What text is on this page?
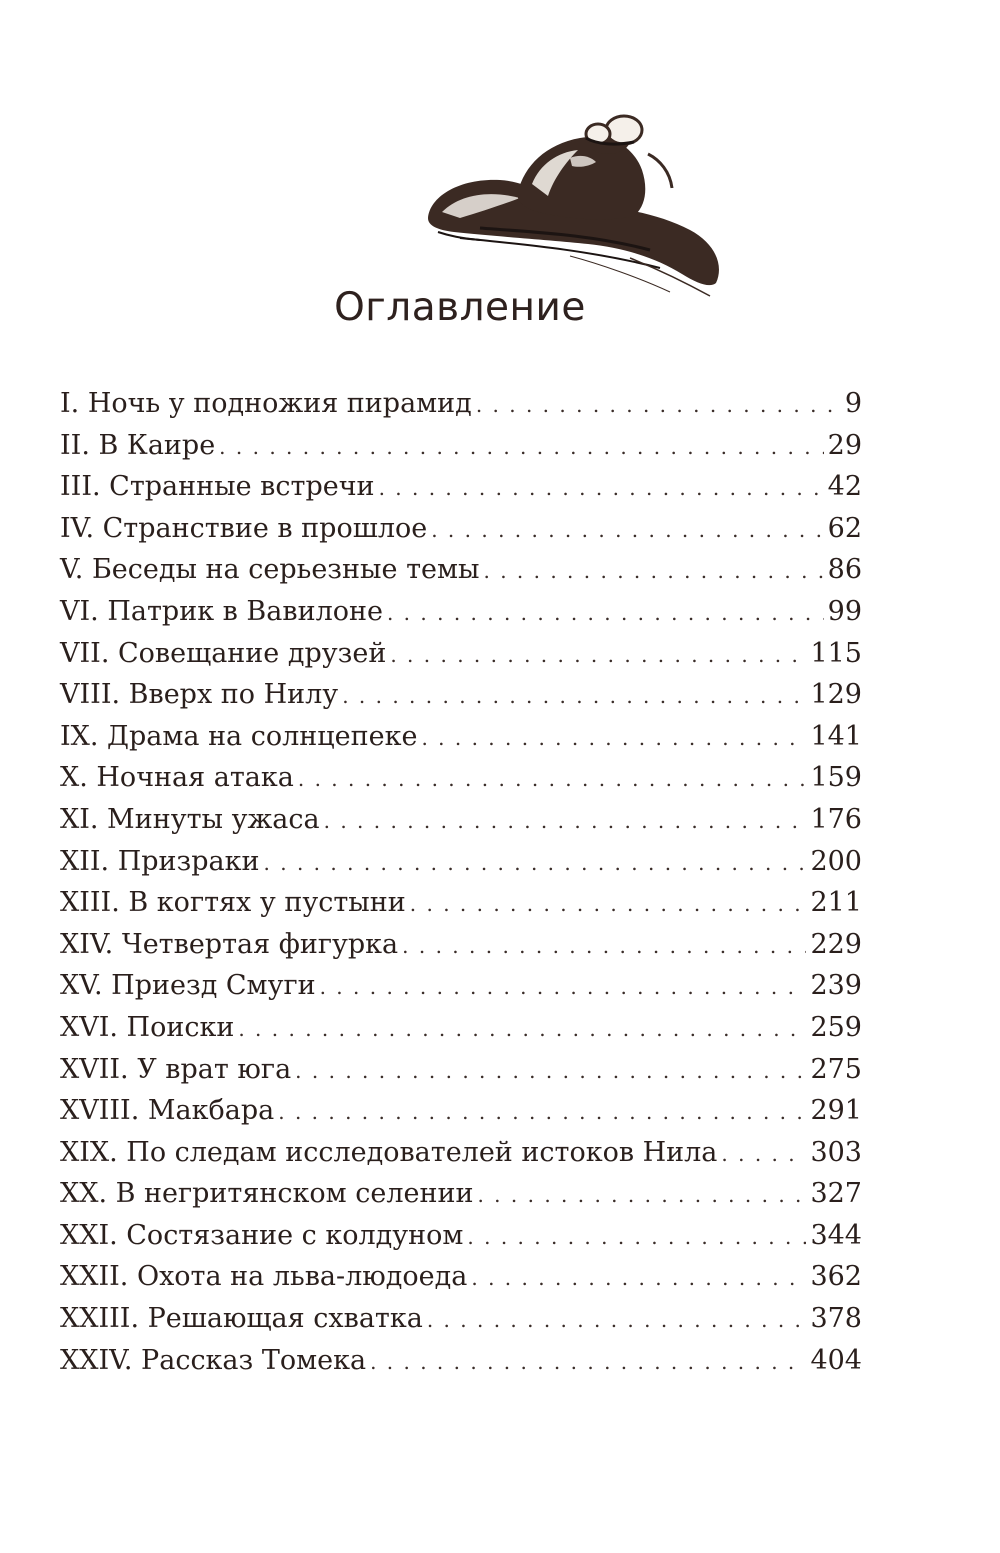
Оглавление
I. Ночь у подножия пирамид . . .	9
II. В Каире . . .	29
III. Странные встречи . . .	42
IV. Странствие в прошлое . . .	62
V. Беседы на серьезные темы . . .	86
VI. Патрик в Вавилоне . . .	99
VII. Совещание друзей . . .	115
VIII. Вверх по Нилу . . .	129
IX. Драма на солнцепеке . . .	141
X. Ночная атака . . .	159
XI. Минуты ужаса . . .	176
XII. Призраки . . .	200
XIII. В когтях у пустыни . . .	211
XIV. Четвертая фигурка . . .	229
XV. Приезд Смуги . . .	239
XVI. Поиски . . .	259
XVII. У врат юга . . .	275
XVIII. Макбара . . .	291
XIX. По следам исследователей истоков Нила . . .	303
XX. В негритянском селении . . .	327
XXI. Состязание с колдуном . . .	344
XXII. Охота на льва-людоеда . . .	362
XXIII. Решающая схватка . . .	378
XXIV. Рассказ Томека . . .	404
